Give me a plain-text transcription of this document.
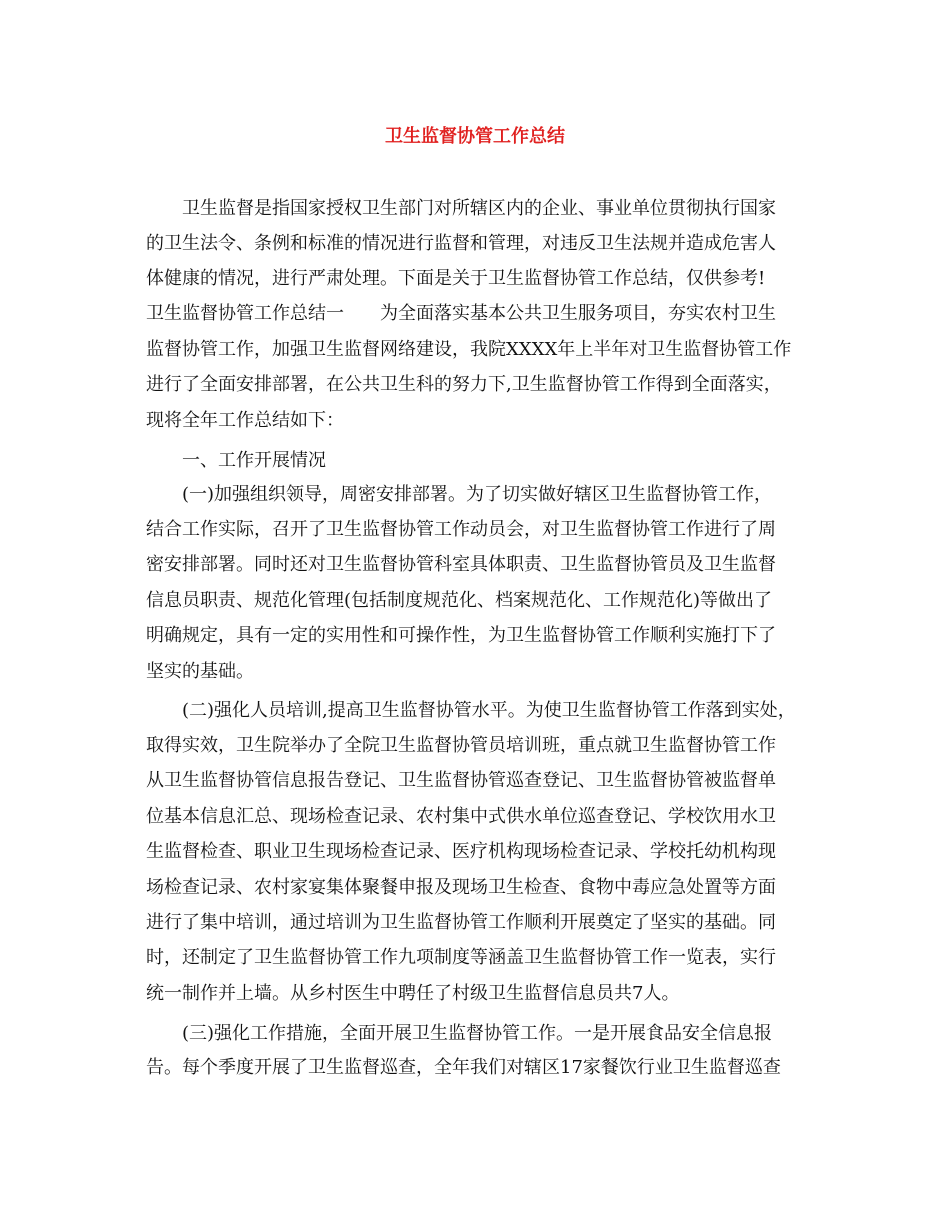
卫生监督协管工作总结

卫生监督是指国家授权卫生部门对所辖区内的企业、事业单位贯彻执行国家

的卫生法令、条例和标准的情况进行监督和管理，对违反卫生法规并造成危害人

体健康的情况，进行严肃处理。下面是关于卫生监督协管工作总结，仅供参考!

卫生监督协管工作总结一　　为全面落实基本公共卫生服务项目，夯实农村卫生

监督协管工作，加强卫生监督网络建设，我院XXXX年上半年对卫生监督协管工作

进行了全面安排部署，在公共卫生科的努力下,卫生监督协管工作得到全面落实，

现将全年工作总结如下：

一、工作开展情况

(一)加强组织领导，周密安排部署。为了切实做好辖区卫生监督协管工作，

结合工作实际，召开了卫生监督协管工作动员会，对卫生监督协管工作进行了周

密安排部署。同时还对卫生监督协管科室具体职责、卫生监督协管员及卫生监督

信息员职责、规范化管理(包括制度规范化、档案规范化、工作规范化)等做出了

明确规定，具有一定的实用性和可操作性，为卫生监督协管工作顺利实施打下了

坚实的基础。

(二)强化人员培训,提高卫生监督协管水平。为使卫生监督协管工作落到实处，

取得实效，卫生院举办了全院卫生监督协管员培训班，重点就卫生监督协管工作

从卫生监督协管信息报告登记、卫生监督协管巡查登记、卫生监督协管被监督单

位基本信息汇总、现场检查记录、农村集中式供水单位巡查登记、学校饮用水卫

生监督检查、职业卫生现场检查记录、医疗机构现场检查记录、学校托幼机构现

场检查记录、农村家宴集体聚餐申报及现场卫生检查、食物中毒应急处置等方面

进行了集中培训，通过培训为卫生监督协管工作顺利开展奠定了坚实的基础。同

时，还制定了卫生监督协管工作九项制度等涵盖卫生监督协管工作一览表，实行

统一制作并上墙。从乡村医生中聘任了村级卫生监督信息员共7人。

(三)强化工作措施，全面开展卫生监督协管工作。一是开展食品安全信息报

告。每个季度开展了卫生监督巡查，全年我们对辖区17家餐饮行业卫生监督巡查
